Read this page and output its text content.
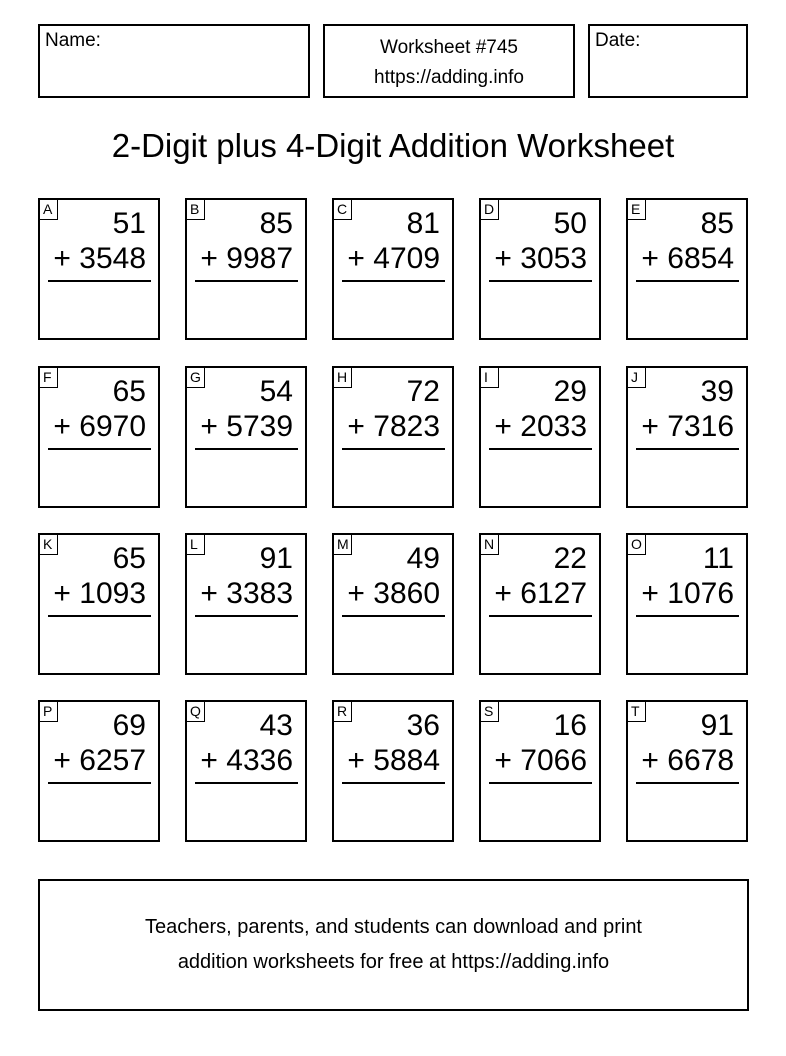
Name:	Worksheet #745
https://adding.info
Date:
2-Digit plus 4-Digit Addition Worksheet
A 51
+ 3548
B 85
+ 9987
C 81
+ 4709
D 50
+ 3053
E 85
+ 6854
F 65
+ 6970
G 54
+ 5739
H 72
+ 7823
I	29
+ 2033
J 39
+ 7316
K 65
+ 1093
L 91
+ 3383
M 49
+ 3860
N 22
+ 6127
O 11
+ 1076
P 69
+ 6257
Q 43
+ 4336
R 36
+ 5884
S 16
+ 7066
T 91
+ 6678
Teachers, parents, and students can download and print
addition worksheets for free at https://adding.info
